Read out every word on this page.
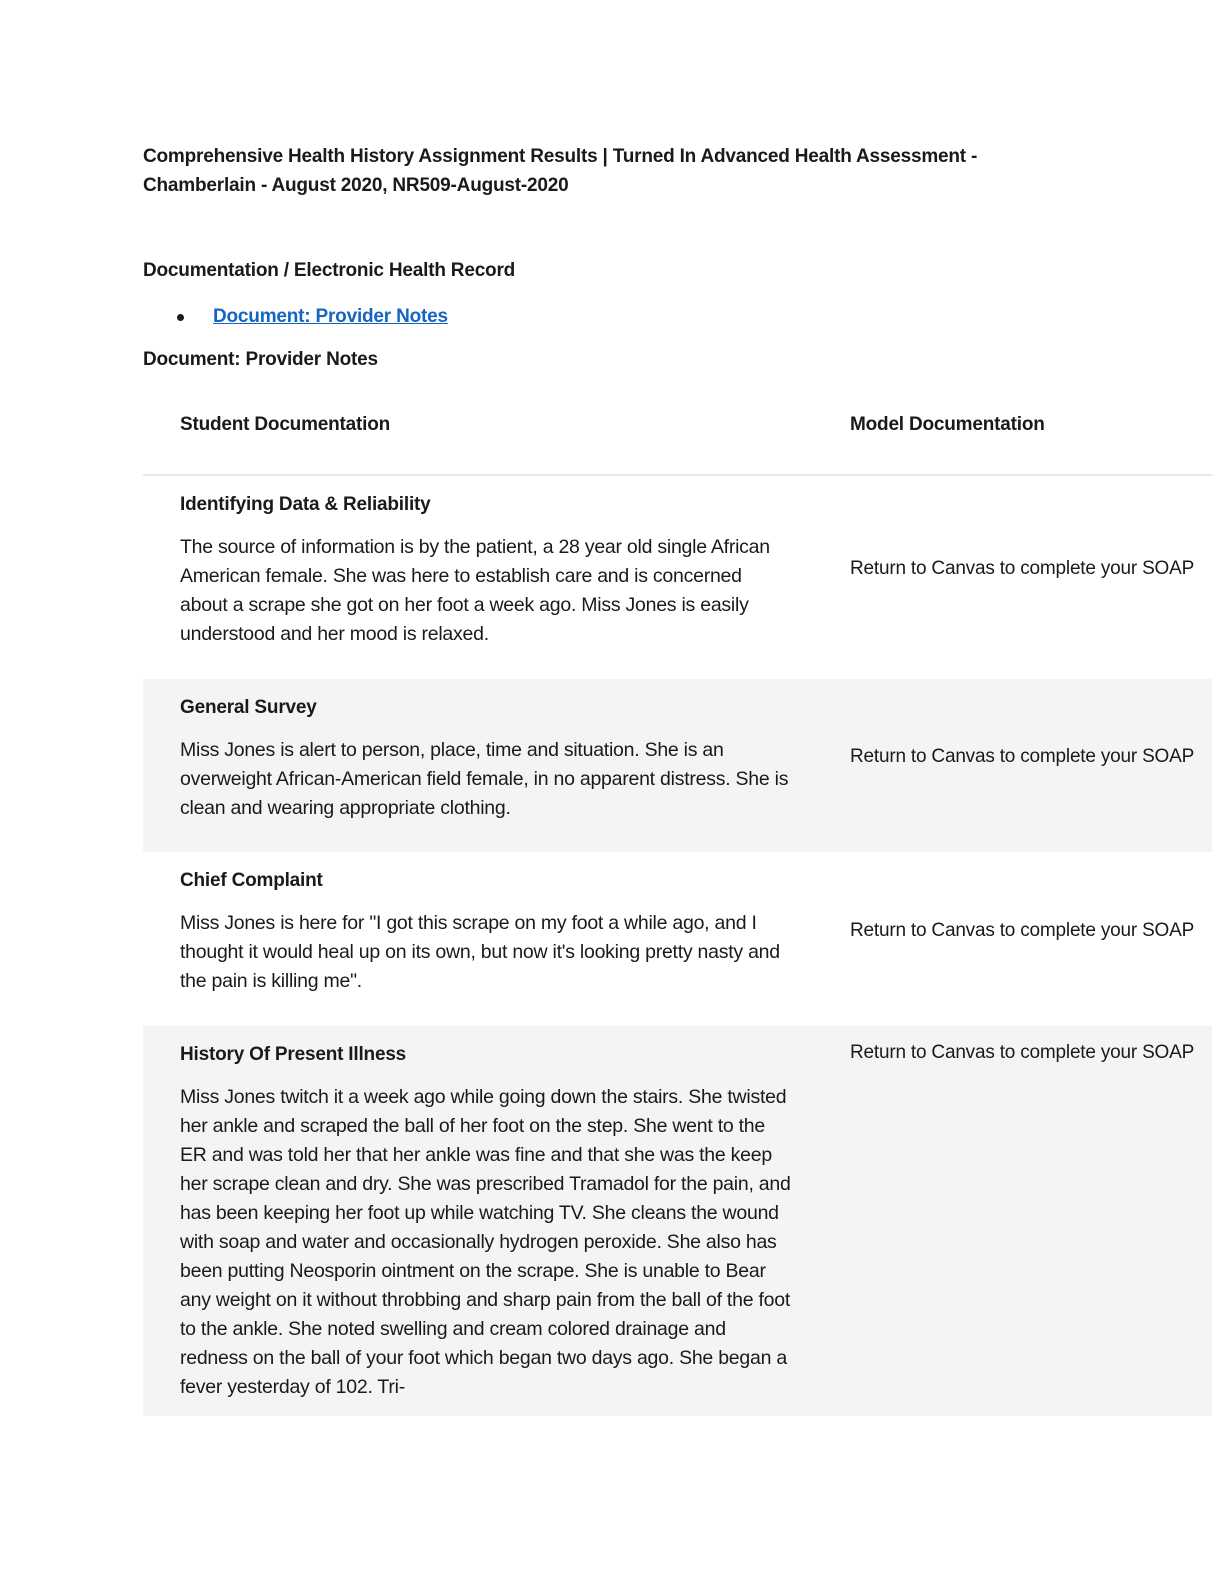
Comprehensive Health History Assignment Results | Turned In Advanced Health Assessment - Chamberlain - August 2020, NR509-August-2020
Documentation / Electronic Health Record
Document: Provider Notes
Document: Provider Notes
Student Documentation	Model Documentation

Identifying Data & Reliability

The source of information is by the patient, a 28 year old single African American female. She was here to establish care and is concerned about a scrape she got on her foot a week ago. Miss Jones is easily understood and her mood is relaxed.

Return to Canvas to complete your SOAP

General Survey

Miss Jones is alert to person, place, time and situation. She is an overweight African-American field female, in no apparent distress. She is clean and wearing appropriate clothing.

Return to Canvas to complete your SOAP

Chief Complaint

Miss Jones is here for "I got this scrape on my foot a while ago, and I thought it would heal up on its own, but now it's looking pretty nasty and the pain is killing me".

Return to Canvas to complete your SOAP

History Of Present Illness

Miss Jones twitch it a week ago while going down the stairs. She twisted her ankle and scraped the ball of her foot on the step. She went to the ER and was told her that her ankle was fine and that she was the keep her scrape clean and dry. She was prescribed Tramadol for the pain, and has been keeping her foot up while watching TV. She cleans the wound with soap and water and occasionally hydrogen peroxide. She also has been putting Neosporin ointment on the scrape. She is unable to Bear any weight on it without throbbing and sharp pain from the ball of the foot to the ankle. She noted swelling and cream colored drainage and redness on the ball of your foot which began two days ago. She began a fever yesterday of 102. Tri-

Return to Canvas to complete your SOAP
